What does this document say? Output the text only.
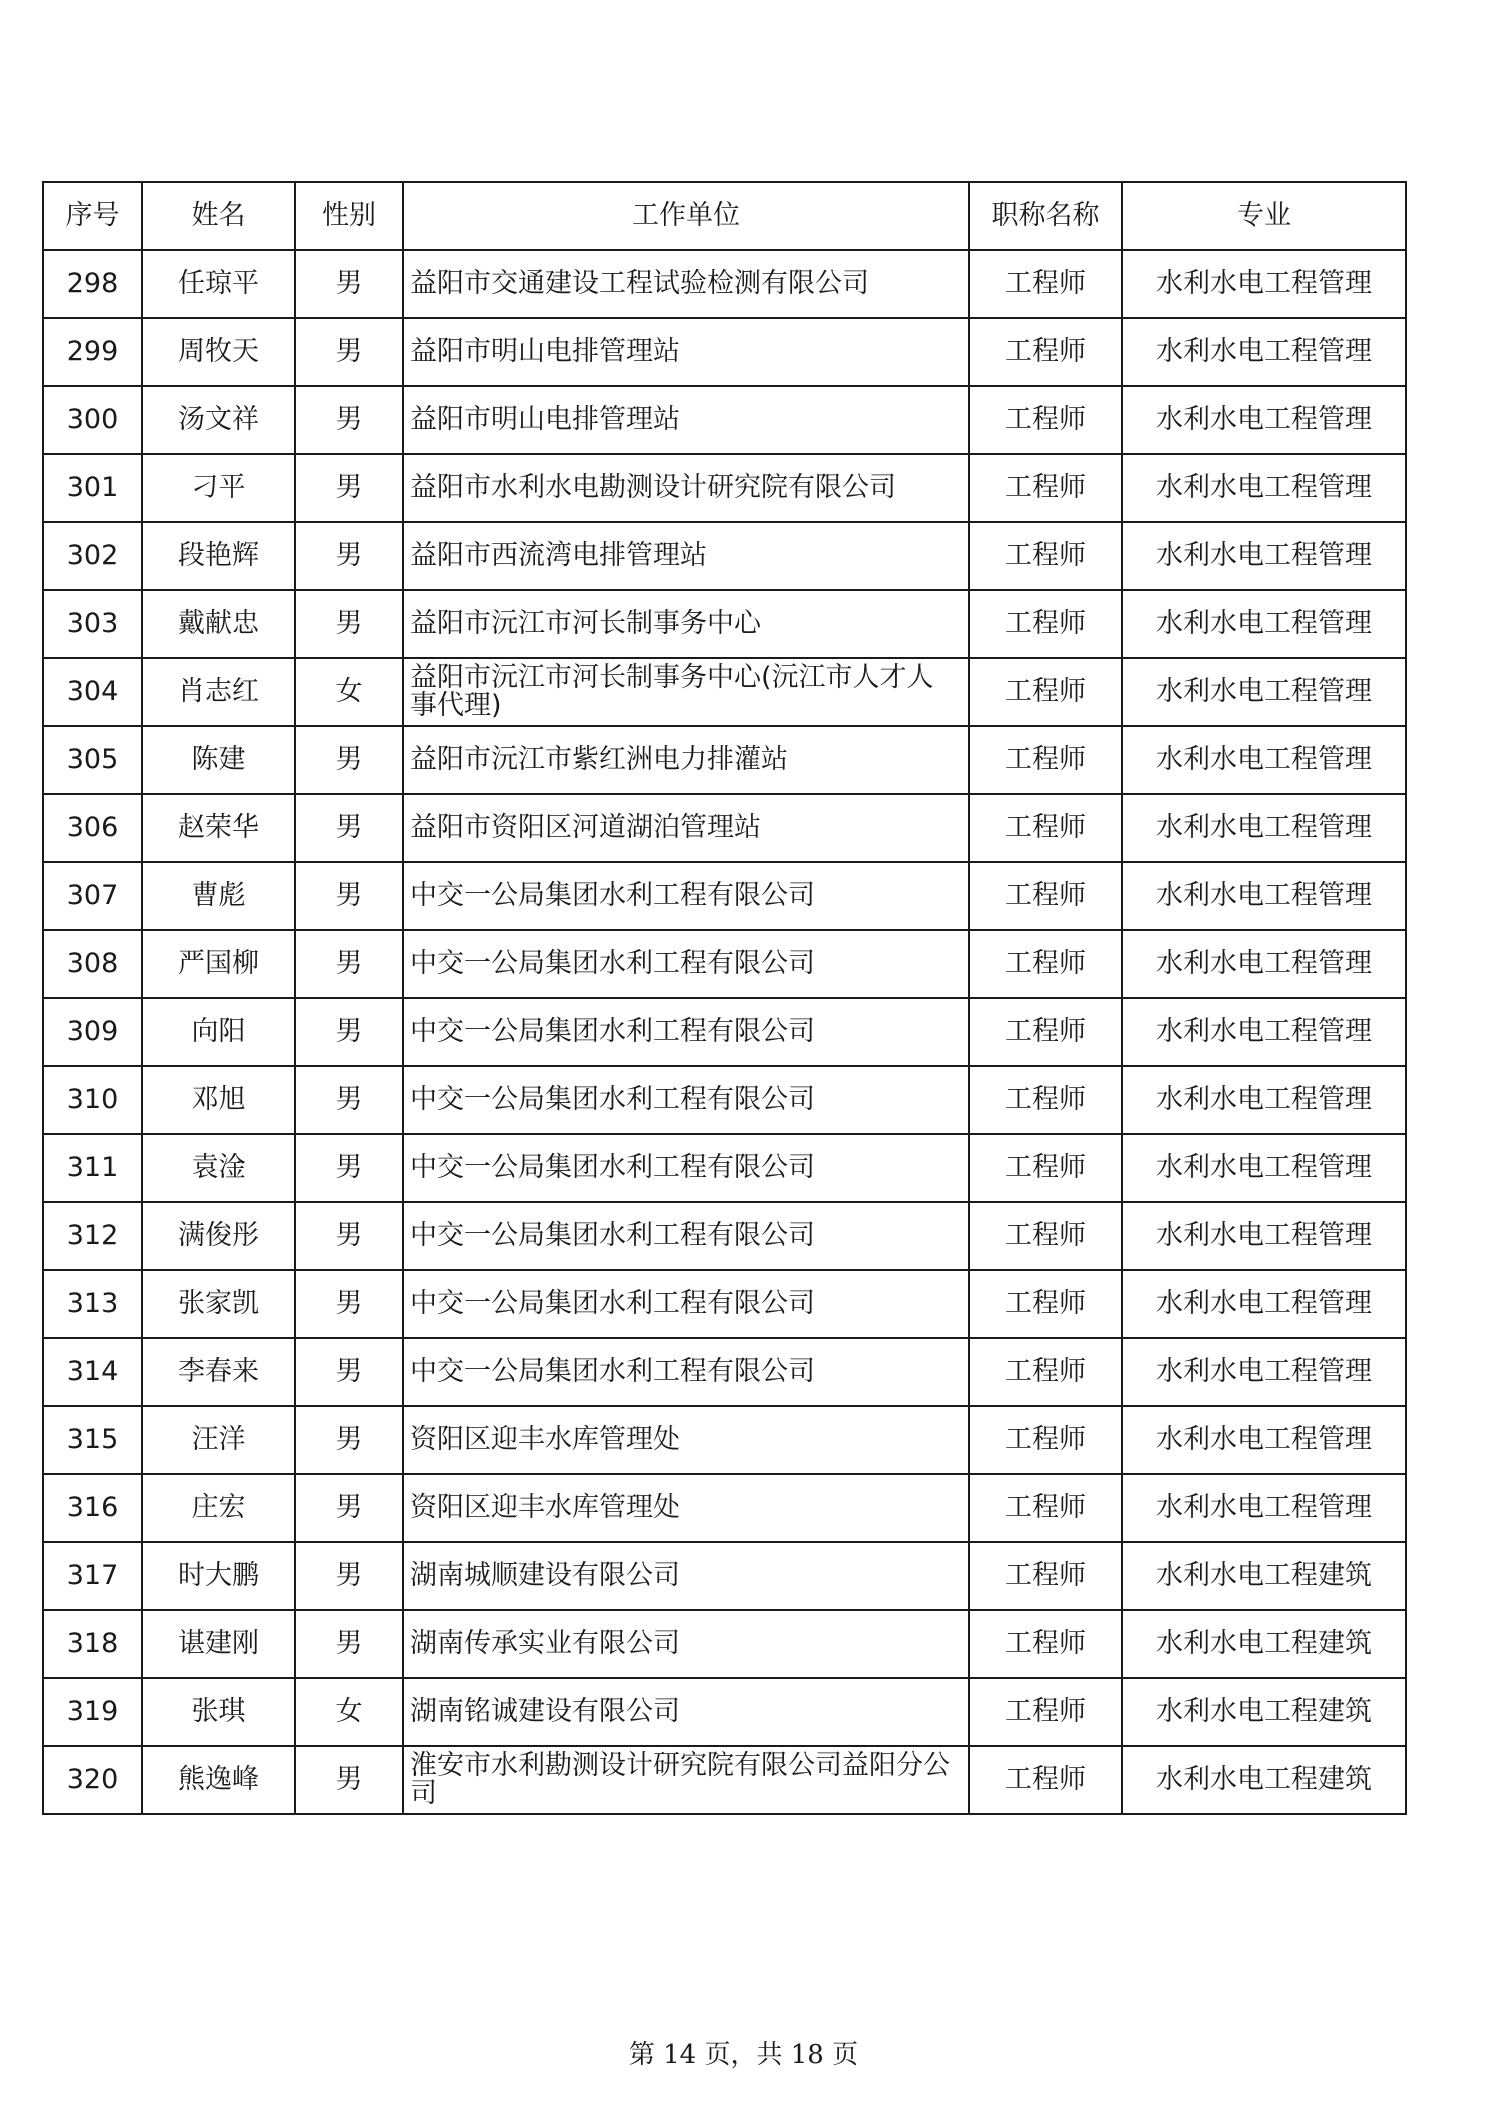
序号	姓名	性别	工作单位	职称名称	专业
298	任琼平	男	益阳市交通建设工程试验检测有限公司	工程师	水利水电工程管理
299	周牧天	男	益阳市明山电排管理站	工程师	水利水电工程管理
300	汤文祥	男	益阳市明山电排管理站	工程师	水利水电工程管理
301	刁平	男	益阳市水利水电勘测设计研究院有限公司	工程师	水利水电工程管理
302	段艳辉	男	益阳市西流湾电排管理站	工程师	水利水电工程管理
303	戴献忠	男	益阳市沅江市河长制事务中心	工程师	水利水电工程管理
304	肖志红	女	益阳市沅江市河长制事务中心(沅江市人才人事代理)	工程师	水利水电工程管理
305	陈建	男	益阳市沅江市紫红洲电力排灌站	工程师	水利水电工程管理
306	赵荣华	男	益阳市资阳区河道湖泊管理站	工程师	水利水电工程管理
307	曹彪	男	中交一公局集团水利工程有限公司	工程师	水利水电工程管理
308	严国柳	男	中交一公局集团水利工程有限公司	工程师	水利水电工程管理
309	向阳	男	中交一公局集团水利工程有限公司	工程师	水利水电工程管理
310	邓旭	男	中交一公局集团水利工程有限公司	工程师	水利水电工程管理
311	袁淦	男	中交一公局集团水利工程有限公司	工程师	水利水电工程管理
312	满俊彤	男	中交一公局集团水利工程有限公司	工程师	水利水电工程管理
313	张家凯	男	中交一公局集团水利工程有限公司	工程师	水利水电工程管理
314	李春来	男	中交一公局集团水利工程有限公司	工程师	水利水电工程管理
315	汪洋	男	资阳区迎丰水库管理处	工程师	水利水电工程管理
316	庄宏	男	资阳区迎丰水库管理处	工程师	水利水电工程管理
317	时大鹏	男	湖南城顺建设有限公司	工程师	水利水电工程建筑
318	谌建刚	男	湖南传承实业有限公司	工程师	水利水电工程建筑
319	张琪	女	湖南铭诚建设有限公司	工程师	水利水电工程建筑
320	熊逸峰	男	淮安市水利勘测设计研究院有限公司益阳分公司	工程师	水利水电工程建筑
第 14 页，共 18 页
